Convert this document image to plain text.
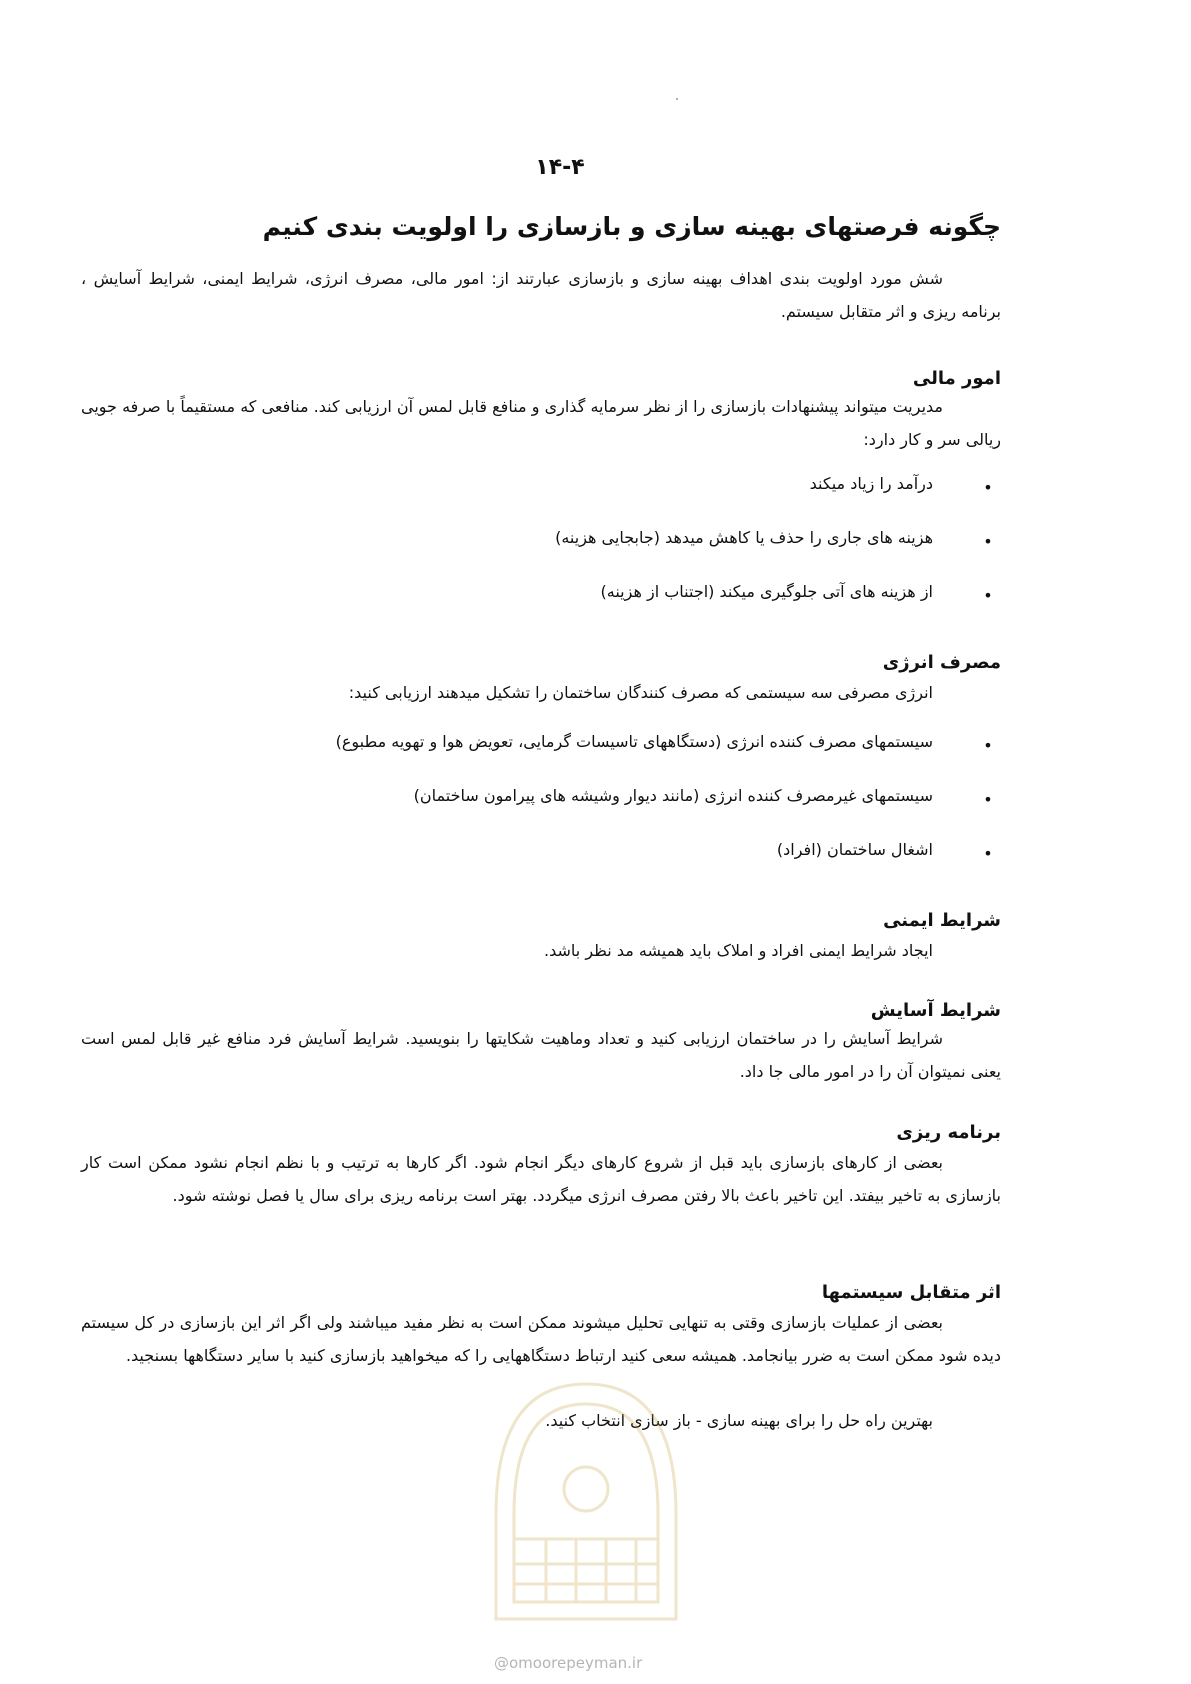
۱۴-۴
چگونه فرصتهای بهینه سازی و بازسازی را اولویت بندی کنیم

شش مورد اولویت بندی اهداف بهینه سازی و بازسازی عبارتند از: امور مالی، مصرف انرژی، شرایط ایمنی، شرایط آسایش ، برنامه ریزی و اثر متقابل سیستم.

امور مالی

مدیریت میتواند پیشنهادات بازسازی را از نظر سرمایه گذاری و منافع قابل لمس آن ارزیابی کند. منافعی که مستقیماً با صرفه جویی ریالی سر و کار دارد:

•
درآمد را زیاد میکند
•
هزینه های جاری را حذف یا کاهش میدهد (جابجایی هزینه)
•
از هزینه های آتی جلوگیری میکند (اجتناب از هزینه)
مصرف انرژی
انرژی مصرفی سه سیستمی که مصرف کنندگان ساختمان را تشکیل میدهند ارزیابی کنید:
•
سیستمهای مصرف کننده انرژی (دستگاههای تاسیسات گرمایی، تعویض هوا و تهویه مطبوع)
•
سیستمهای غیرمصرف کننده انرژی (مانند دیوار وشیشه های پیرامون ساختمان)
•
اشغال ساختمان (افراد)
شرایط ایمنی
ایجاد شرایط ایمنی افراد و املاک باید همیشه مد نظر باشد.
شرایط آسایش

شرایط آسایش را در ساختمان ارزیابی کنید و تعداد وماهیت شکایتها را بنویسید. شرایط آسایش فرد منافع غیر قابل لمس است یعنی نمیتوان آن را در امور مالی جا داد.

برنامه ریزی

بعضی از کارهای بازسازی باید قبل از شروع کارهای دیگر انجام شود. اگر کارها به ترتیب و با نظم انجام نشود ممکن است کار بازسازی به تاخیر بیفتد. این تاخیر باعث بالا رفتن مصرف انرژی میگردد. بهتر است برنامه ریزی برای سال یا فصل نوشته شود.

اثر متقابل سیستمها

بعضی از عملیات بازسازی وقتی به تنهایی تحلیل میشوند ممکن است به نظر مفید میباشند ولی اگر اثر این بازسازی در کل سیستم دیده شود ممکن است به ضرر بیانجامد. همیشه سعی کنید ارتباط دستگاههایی را که میخواهید بازسازی کنید با سایر دستگاهها بسنجید.

بهترین راه حل را برای بهینه سازی - باز سازی انتخاب کنید.
@omoorepeyman.ir
